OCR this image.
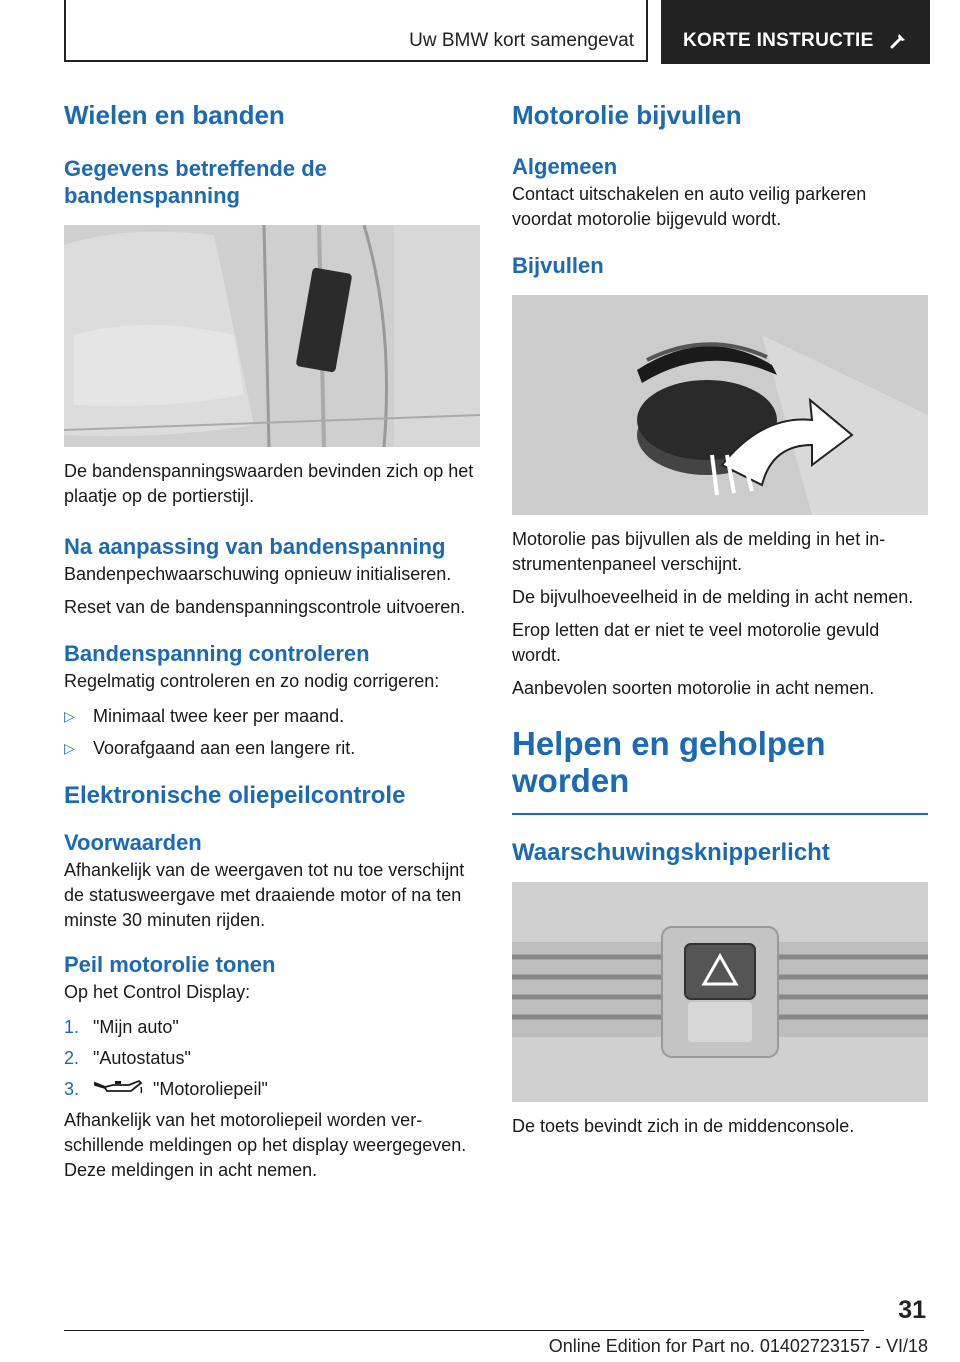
Uw BMW kort samengevat	KORTE INSTRUCTIE
Wielen en banden
Gegevens betreffende de bandenspanning

De bandenspanningswaarden bevinden zich op het plaatje op de portierstijl.

Na aanpassing van bandenspanning

Bandenpechwaarschuwing opnieuw initialiseren.

Reset van de bandenspanningscontrole uitvoeren.

Bandenspanning controleren

Regelmatig controleren en zo nodig corrigeren:

▷ Minimaal twee keer per maand.
▷ Voorafgaand aan een langere rit.
Elektronische oliepeilcontrole
Voorwaarden

Afhankelijk van de weergaven tot nu toe verschijnt de statusweergave met draaiende motor of na ten minste 30 minuten rijden.

Peil motorolie tonen

Op het Control Display:

1. "Mijn auto"
2. "Autostatus"
3.	"Motoroliepeil"

Afhankelijk van het motoroliepeil worden verschillende meldingen op het display weergegeven. Deze meldingen in acht nemen.

Motorolie bijvullen
Algemeen

Contact uitschakelen en auto veilig parkeren voordat motorolie bijgevuld wordt.

Bijvullen

Motorolie pas bijvullen als de melding in het instrumentenpaneel verschijnt.

De bijvulhoeveelheid in de melding in acht nemen.

Erop letten dat er niet te veel motorolie gevuld wordt.

Aanbevolen soorten motorolie in acht nemen.

Helpen en geholpen worden
Waarschuwingsknipperlicht

De toets bevindt zich in de middenconsole.

31
Online Edition for Part no. 01402723157 - VI/18
